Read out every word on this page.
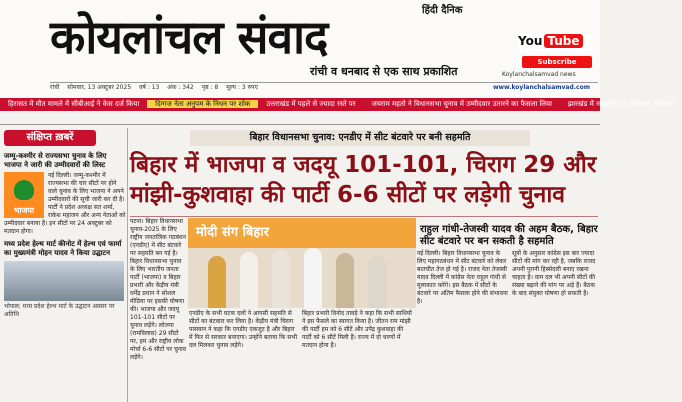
हिंदी दैनिक
कोयलांचल संवाद
रांची व धनबाद से एक साथ प्रकाशित
रांची सोमवार, 13 अक्टूबर 2025 वर्ष : 13 अंक : 342 पृष्ठ : 8 मूल्य : 3 रुपए	www.koylanchalsamvad.com
You Tube
Subscribe
Koylanchalsamvad news
हिरासत में मौत मामले में सीबीआई ने केस दर्ज किया दिग्गज नेता अनुपम के निधन पर शोक उत्तराखंड में पहले से ज्यादा रस्ते पर जयराम महतो ने विधानसभा चुनाव में उम्मीदवार उतारने का फैसला लिया झारखंड में नक्सलियों के खिलाफ अभियान
संक्षिप्त ख़बरें
जम्मू-कश्मीर से राज्यसभा चुनाव के लिए भाजपा ने जारी की उम्मीदवारों की लिस्ट
भाजपा
नई दिल्ली। जम्मू-कश्मीर में राज्यसभा की चार सीटों पर होने वाले चुनाव के लिए भाजपा ने अपने उम्मीदवारों की सूची जारी कर दी है। पार्टी ने प्रदेश अध्यक्ष सत शर्मा, राकेश महाजन और अन्य नेताओं को उम्मीदवार बनाया है। इन सीटों पर 24 अक्टूबर को मतदान होगा।
मध्य प्रदेश हेल्थ मार्ट कीनोट में हेल्थ एवं फार्मा का मुख्यमंत्री मोहन यादव ने किया उद्घाटन
भोपाल: मध्य प्रदेश हेल्थ मार्ट के उद्घाटन अवसर पर अतिथि
बिहार विधानसभा चुनाव: एनडीए में सीट बंटवारे पर बनी सहमति
बिहार में भाजपा व जदयू 101-101, चिराग 29 और
मांझी-कुशवाहा की पार्टी 6-6 सीटों पर लड़ेगी चुनाव
पटना। बिहार विधानसभा चुनाव-2025 के लिए राष्ट्रीय जनतांत्रिक गठबंधन (एनडीए) में सीट बंटवारे पर सहमति बन गई है। बिहार विधानसभा चुनाव के लिए भारतीय जनता पार्टी (भाजपा) व बिहार प्रभारी और केंद्रीय मंत्री धर्मेंद्र प्रधान ने सोशल मीडिया पर इसकी घोषणा की। भाजपा और जदयू 101-101 सीटों पर चुनाव लड़ेंगे। लोजपा (रामविलास) 29 सीटों पर, हम और राष्ट्रीय लोक मोर्चा 6-6 सीटों पर चुनाव लड़ेंगे।
मोदी संग बिहार
एनडीए के सभी घटक दलों ने आपसी सहमति से सीटों का बंटवारा कर लिया है। केंद्रीय मंत्री चिराग पासवान ने कहा कि एनडीए एकजुट है और बिहार में फिर से सरकार बनाएगा। उन्होंने बताया कि सभी दल मिलकर चुनाव लड़ेंगे।
बिहार प्रभारी विनोद तावड़े ने कहा कि सभी साथियों ने इस फैसले का स्वागत किया है। जीतन राम मांझी की पार्टी हम को 6 सीटें और उपेंद्र कुशवाहा की पार्टी को 6 सीटें मिली हैं। राज्य में दो चरणों में मतदान होना है।
राहुल गांधी-तेजस्वी यादव की अहम बैठक, बिहार सीट बंटवारे पर बन सकती है सहमति
नई दिल्ली। बिहार विधानसभा चुनाव के लिए महागठबंधन में सीट बंटवारे को लेकर बातचीत तेज हो गई है। राजद नेता तेजस्वी यादव दिल्ली में कांग्रेस नेता राहुल गांधी से मुलाकात करेंगे। इस बैठक में सीटों के बंटवारे पर अंतिम फैसला होने की संभावना है।
सूत्रों के अनुसार कांग्रेस इस बार ज्यादा सीटों की मांग कर रही है, जबकि राजद अपनी पुरानी हिस्सेदारी बनाए रखना चाहता है। वाम दल भी अपनी सीटों की संख्या बढ़ाने की मांग पर अड़े हैं। बैठक के बाद संयुक्त घोषणा हो सकती है।
